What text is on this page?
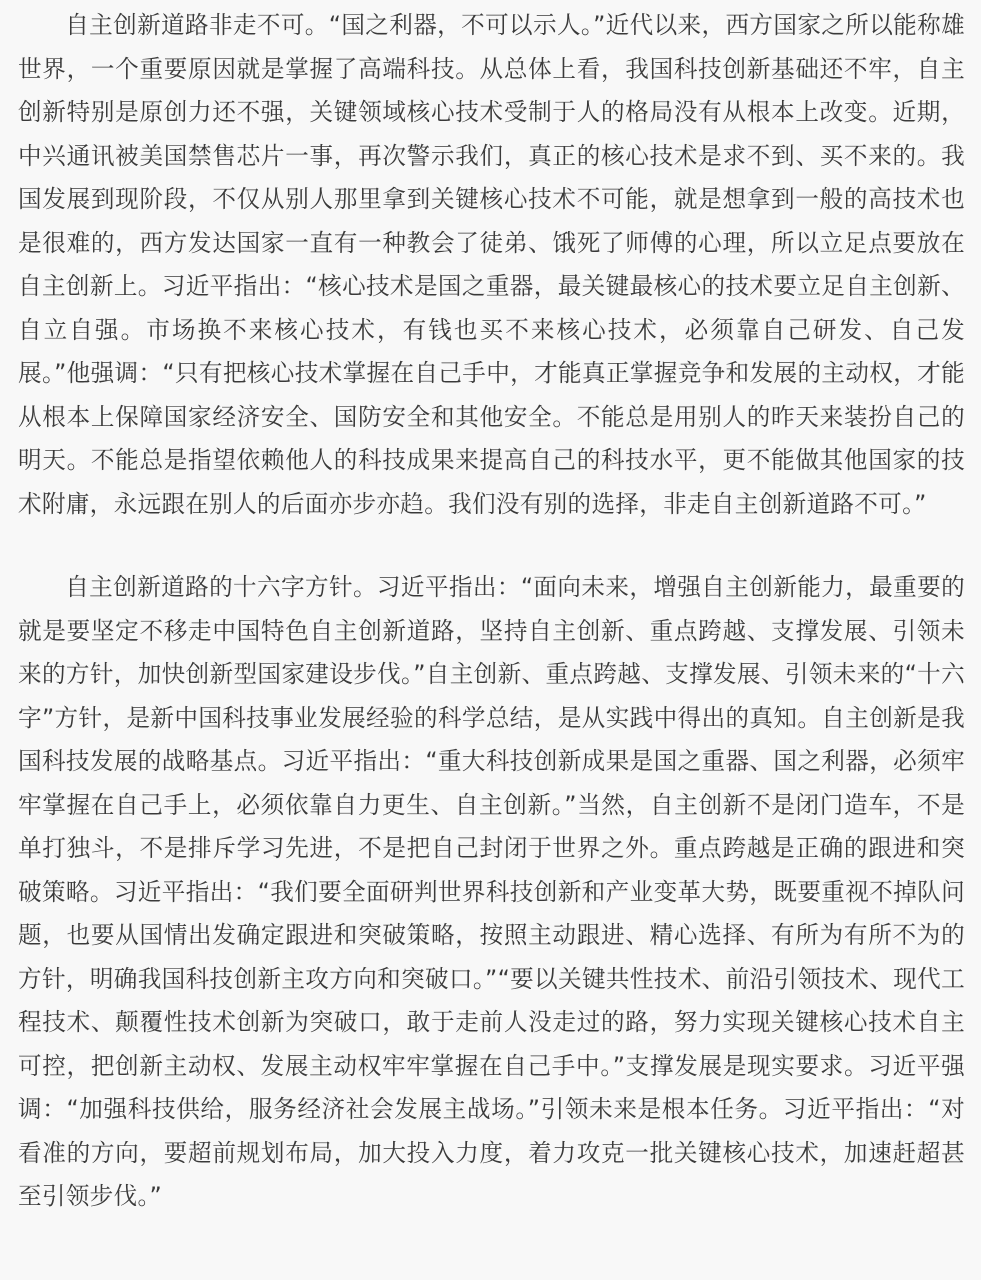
自主创新道路非走不可。“国之利器，不可以示人。”近代以来，西方国家之所以能称雄世界，一个重要原因就是掌握了高端科技。从总体上看，我国科技创新基础还不牢，自主创新特别是原创力还不强，关键领域核心技术受制于人的格局没有从根本上改变。近期，中兴通讯被美国禁售芯片一事，再次警示我们，真正的核心技术是求不到、买不来的。我国发展到现阶段，不仅从别人那里拿到关键核心技术不可能，就是想拿到一般的高技术也是很难的，西方发达国家一直有一种教会了徒弟、饿死了师傅的心理，所以立足点要放在自主创新上。习近平指出：“核心技术是国之重器，最关键最核心的技术要立足自主创新、自立自强。市场换不来核心技术，有钱也买不来核心技术，必须靠自己研发、自己发展。”他强调：“只有把核心技术掌握在自己手中，才能真正掌握竞争和发展的主动权，才能从根本上保障国家经济安全、国防安全和其他安全。不能总是用别人的昨天来装扮自己的明天。不能总是指望依赖他人的科技成果来提高自己的科技水平，更不能做其他国家的技术附庸，永远跟在别人的后面亦步亦趋。我们没有别的选择，非走自主创新道路不可。”

自主创新道路的十六字方针。习近平指出：“面向未来，增强自主创新能力，最重要的就是要坚定不移走中国特色自主创新道路，坚持自主创新、重点跨越、支撑发展、引领未来的方针，加快创新型国家建设步伐。”自主创新、重点跨越、支撑发展、引领未来的“十六字”方针，是新中国科技事业发展经验的科学总结，是从实践中得出的真知。自主创新是我国科技发展的战略基点。习近平指出：“重大科技创新成果是国之重器、国之利器，必须牢牢掌握在自己手上，必须依靠自力更生、自主创新。”当然，自主创新不是闭门造车，不是单打独斗，不是排斥学习先进，不是把自己封闭于世界之外。重点跨越是正确的跟进和突破策略。习近平指出：“我们要全面研判世界科技创新和产业变革大势，既要重视不掉队问题，也要从国情出发确定跟进和突破策略，按照主动跟进、精心选择、有所为有所不为的方针，明确我国科技创新主攻方向和突破口。”“要以关键共性技术、前沿引领技术、现代工程技术、颠覆性技术创新为突破口，敢于走前人没走过的路，努力实现关键核心技术自主可控，把创新主动权、发展主动权牢牢掌握在自己手中。”支撑发展是现实要求。习近平强调：“加强科技供给，服务经济社会发展主战场。”引领未来是根本任务。习近平指出：“对看准的方向，要超前规划布局，加大投入力度，着力攻克一批关键核心技术，加速赶超甚至引领步伐。”
